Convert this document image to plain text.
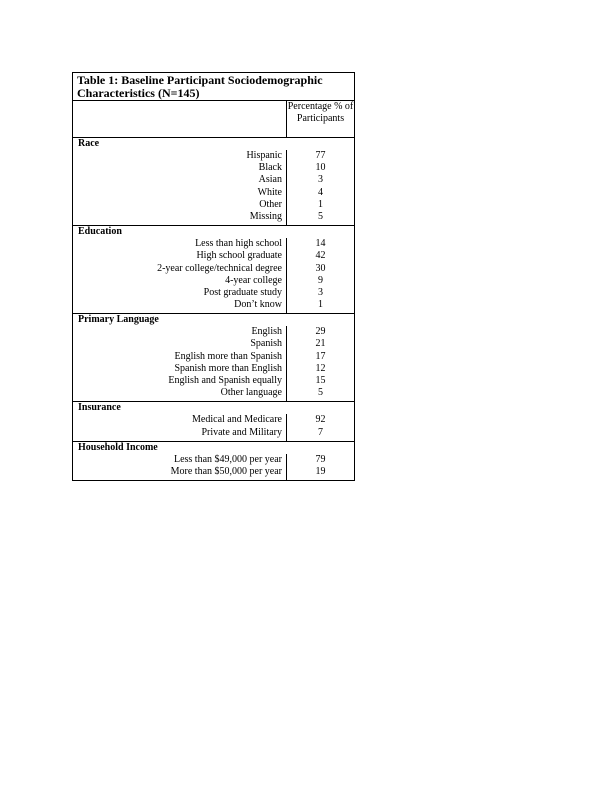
Table 1: Baseline Participant Sociodemographic Characteristics (N=145)
Percentage % of Participants
Race
Hispanic	77
Black	10
Asian	3
White	4
Other	1
Missing	5
Education
Less than high school	14
High school graduate	42
2-year college/technical degree	30
4-year college	9
Post graduate study	3
Don’t know	1
Primary Language
English	29
Spanish	21
English more than Spanish	17
Spanish more than English	12
English and Spanish equally	15
Other language	5
Insurance
Medical and Medicare	92
Private and Military	7
Household Income
Less than $49,000 per year	79
More than $50,000 per year	19
